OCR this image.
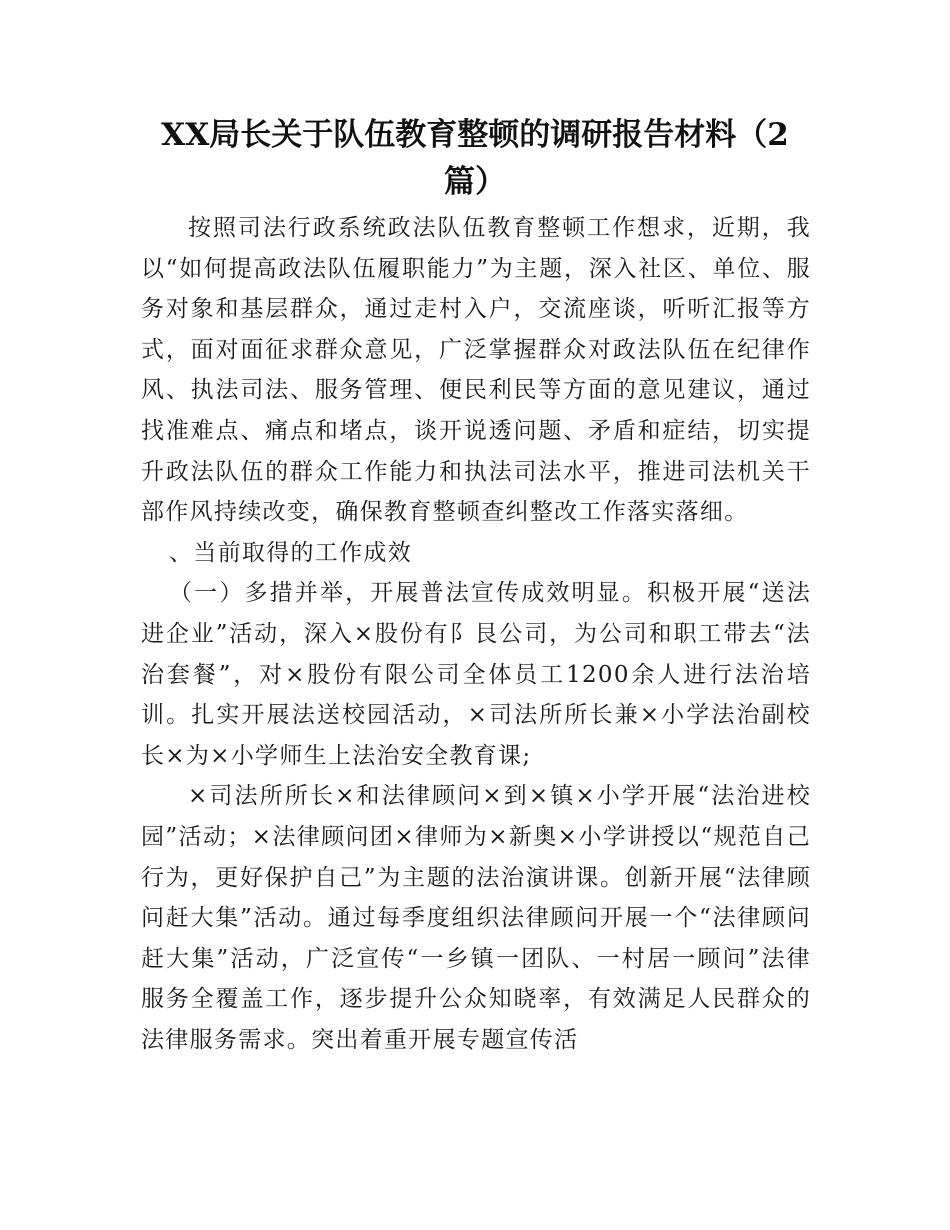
XX局长关于队伍教育整顿的调研报告材料（2篇）

按照司法行政系统政法队伍教育整顿工作想求，近期，我以“如何提高政法队伍履职能力”为主题，深入社区、单位、服务对象和基层群众，通过走村入户，交流座谈，听听汇报等方式，面对面征求群众意见，广泛掌握群众对政法队伍在纪律作风、执法司法、服务管理、便民利民等方面的意见建议，通过找准难点、痛点和堵点，谈开说透问题、矛盾和症结，切实提升政法队伍的群众工作能力和执法司法水平，推进司法机关干部作风持续改变，确保教育整顿查纠整改工作落实落细。

、当前取得的工作成效

（一）多措并举，开展普法宣传成效明显。积极开展“送法进企业”活动，深入×股份有阝艮公司，为公司和职工带去“法治套餐”，对×股份有限公司全体员工1200余人进行法治培训。扎实开展法送校园活动，×司法所所长兼×小学法治副校长×为×小学师生上法治安全教育课;

×司法所所长×和法律顾问×到×镇×小学开展“法治进校园”活动；×法律顾问团×律师为×新奥×小学讲授以“规范自己行为，更好保护自己”为主题的法治演讲课。创新开展“法律顾问赶大集”活动。通过每季度组织法律顾问开展一个“法律顾问赶大集”活动，广泛宣传“一乡镇一团队、一村居一顾问”法律服务全覆盖工作，逐步提升公众知晓率，有效满足人民群众的法律服务需求。突出着重开展专题宣传活
